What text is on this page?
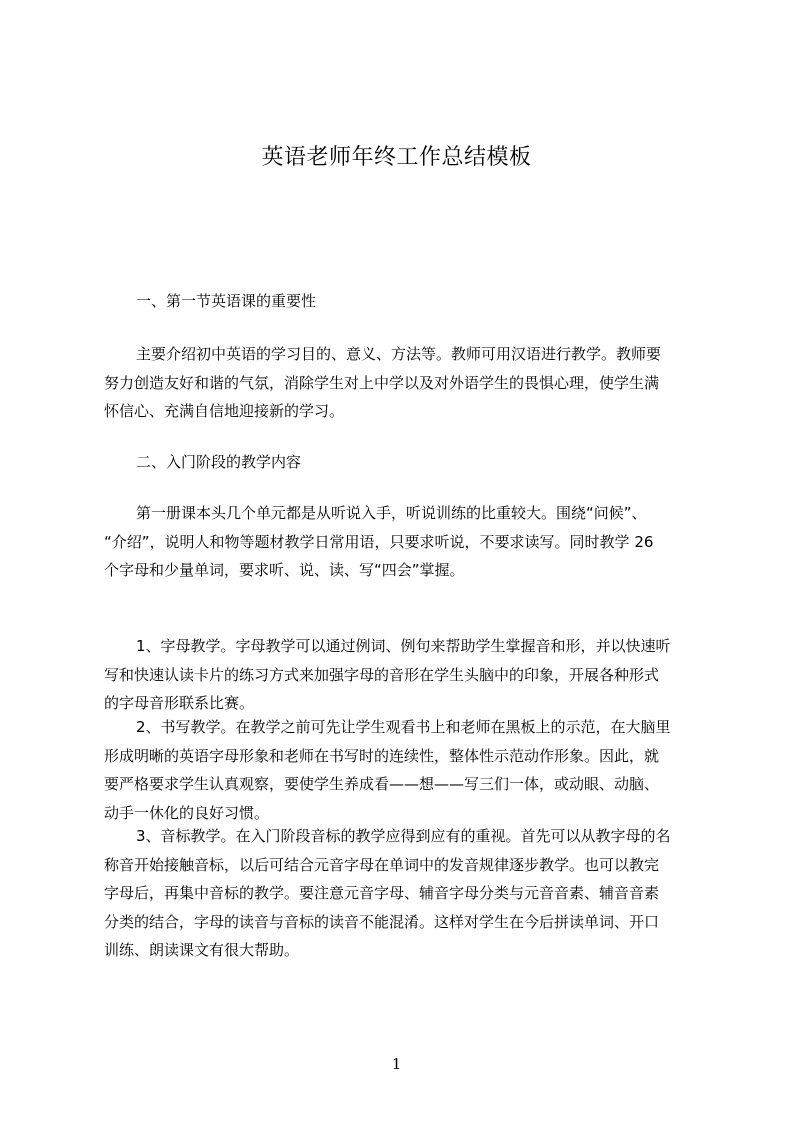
英语老师年终工作总结模板
一、第一节英语课的重要性
主要介绍初中英语的学习目的、意义、方法等。教师可用汉语进行教学。教师要
努力创造友好和谐的气氛，消除学生对上中学以及对外语学生的畏惧心理，使学生满
怀信心、充满自信地迎接新的学习。
二、入门阶段的教学内容
第一册课本头几个单元都是从听说入手，听说训练的比重较大。围绕“问候”、
“介绍”，说明人和物等题材教学日常用语，只要求听说，不要求读写。同时教学 26
个字母和少量单词，要求听、说、读、写“四会”掌握。
1、字母教学。字母教学可以通过例词、例句来帮助学生掌握音和形，并以快速听
写和快速认读卡片的练习方式来加强字母的音形在学生头脑中的印象，开展各种形式
的字母音形联系比赛。
2、书写教学。在教学之前可先让学生观看书上和老师在黑板上的示范，在大脑里
形成明晰的英语字母形象和老师在书写时的连续性，整体性示范动作形象。因此，就
要严格要求学生认真观察，要使学生养成看——想——写三们一体，或动眼、动脑、
动手一休化的良好习惯。
3、音标教学。在入门阶段音标的教学应得到应有的重视。首先可以从教字母的名
称音开始接触音标，以后可结合元音字母在单词中的发音规律逐步教学。也可以教完
字母后，再集中音标的教学。要注意元音字母、辅音字母分类与元音音素、辅音音素
分类的结合，字母的读音与音标的读音不能混淆。这样对学生在今后拼读单词、开口
训练、朗读课文有很大帮助。
1
